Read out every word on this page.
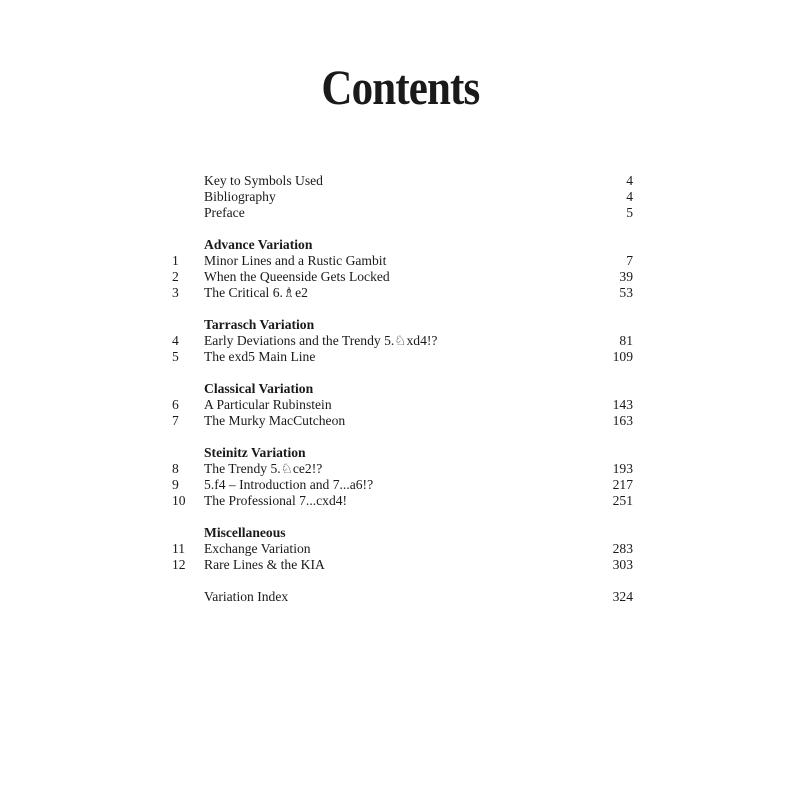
Contents
Key to Symbols Used	4
Bibliography	4
Preface	5
Advance Variation
1	Minor Lines and a Rustic Gambit	7
2	When the Queenside Gets Locked	39
3	The Critical 6.♗e2	53
Tarrasch Variation
4	Early Deviations and the Trendy 5.♘xd4!?	81
5	The exd5 Main Line	109
Classical Variation
6	A Particular Rubinstein	143
7	The Murky MacCutcheon	163
Steinitz Variation
8	The Trendy 5.♘ce2!?	193
9	5.f4 – Introduction and 7...a6!?	217
10	The Professional 7...cxd4!	251
Miscellaneous
11	Exchange Variation	283
12	Rare Lines & the KIA	303
Variation Index	324
